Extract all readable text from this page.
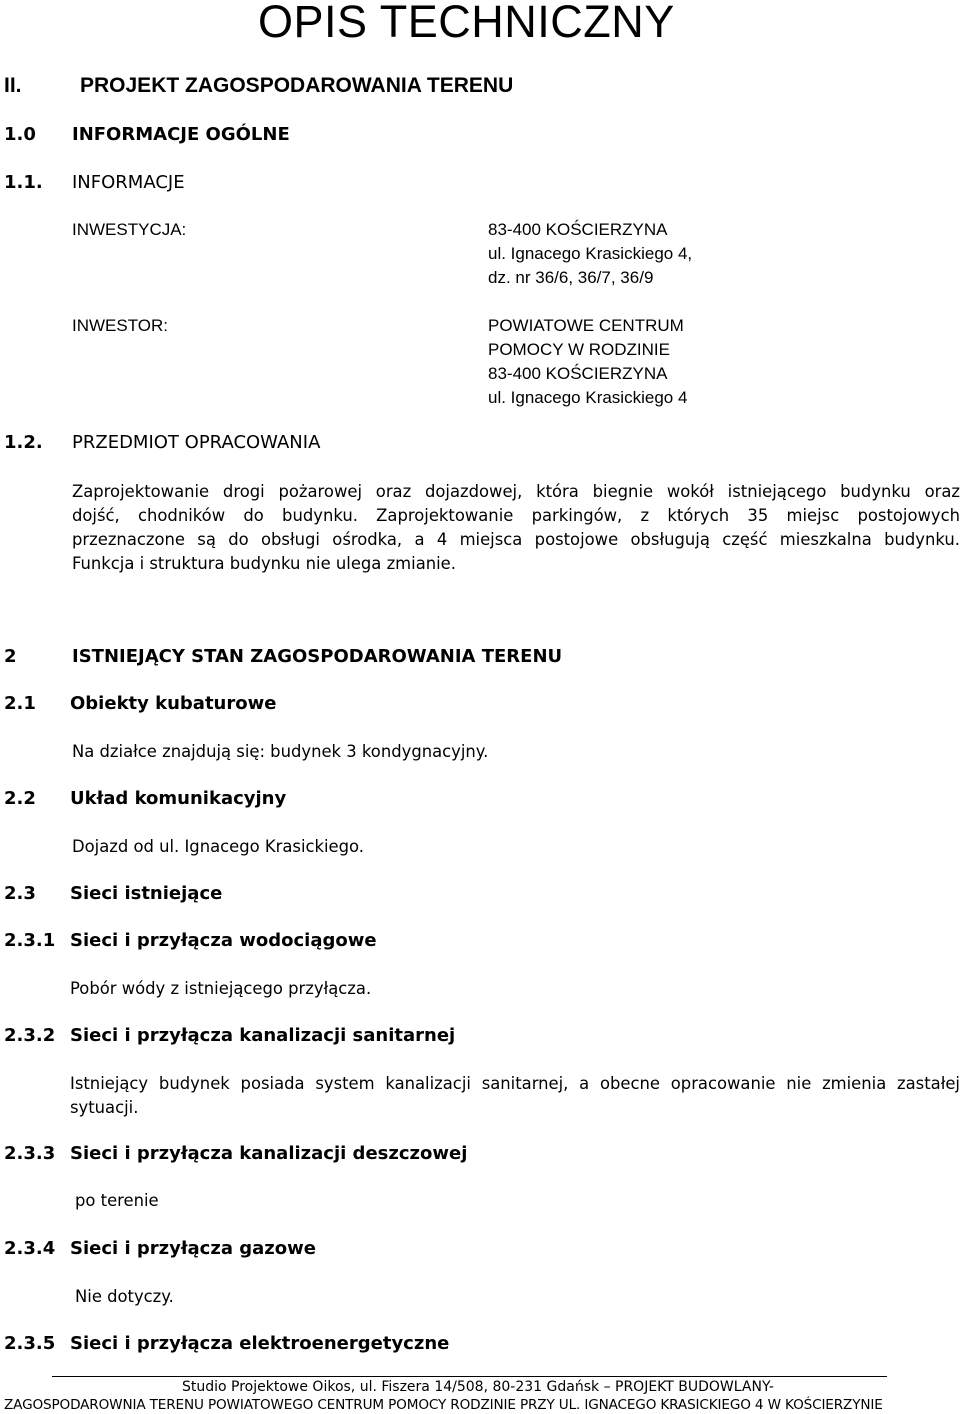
OPIS TECHNICZNY
II.	PROJEKT ZAGOSPODAROWANIA TERENU
1.0 INFORMACJE OGÓLNE
1.1. INFORMACJE
INWESTYCJA:	83-400 KOŚCIERZYNA
ul. Ignacego Krasickiego 4,
dz. nr 36/6, 36/7, 36/9
INWESTOR:	POWIATOWE CENTRUM
POMOCY W RODZINIE
83-400 KOŚCIERZYNA
ul. Ignacego Krasickiego 4
1.2. PRZEDMIOT OPRACOWANIA
Zaprojektowanie drogi pożarowej oraz dojazdowej, która biegnie wokół istniejącego budynku oraz
dojść, chodników do budynku. Zaprojektowanie parkingów, z których 35 miejsc postojowych
przeznaczone są do obsługi ośrodka, a 4 miejsca postojowe obsługują część mieszkalna budynku.
Funkcja i struktura budynku nie ulega zmianie.
2	ISTNIEJĄCY STAN ZAGOSPODAROWANIA TERENU
2.1 Obiekty kubaturowe
Na działce znajdują się: budynek 3 kondygnacyjny.
2.2 Układ komunikacyjny
Dojazd od ul. Ignacego Krasickiego.
2.3 Sieci istniejące
2.3.1 Sieci i przyłącza wodociągowe
Pobór wódy z istniejącego przyłącza.
2.3.2 Sieci i przyłącza kanalizacji sanitarnej
Istniejący budynek posiada system kanalizacji sanitarnej, a obecne opracowanie nie zmienia zastałej
sytuacji.
2.3.3 Sieci i przyłącza kanalizacji deszczowej
po terenie
2.3.4 Sieci i przyłącza gazowe
Nie dotyczy.
2.3.5 Sieci i przyłącza elektroenergetyczne
Studio Projektowe Oikos, ul. Fiszera 14/508, 80-231 Gdańsk – PROJEKT BUDOWLANY-
ZAGOSPODAROWNIA TERENU POWIATOWEGO CENTRUM POMOCY RODZINIE PRZY UL. IGNACEGO KRASICKIEGO 4 W KOŚCIERZYNIE
